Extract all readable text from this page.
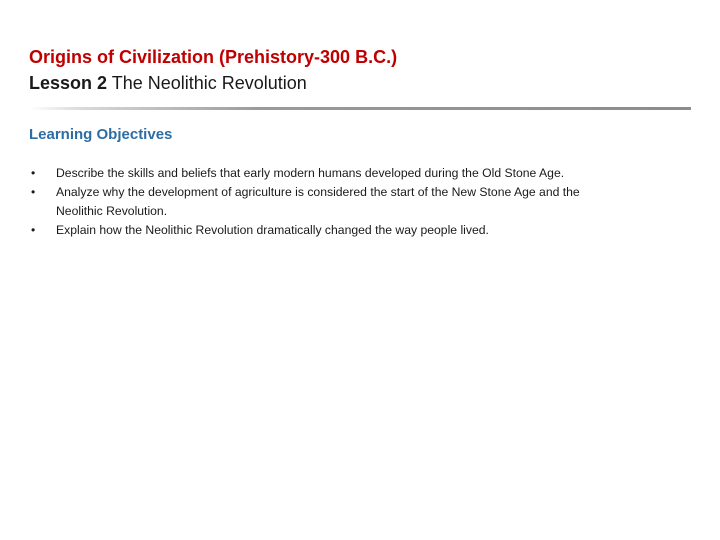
Origins of Civilization (Prehistory-300 B.C.)
Lesson 2 The Neolithic Revolution
Learning Objectives
• Describe the skills and beliefs that early modern humans developed during the Old Stone Age.
• Analyze why the development of agriculture is considered the start of the New Stone Age and the Neolithic Revolution.
• Explain how the Neolithic Revolution dramatically changed the way people lived.
